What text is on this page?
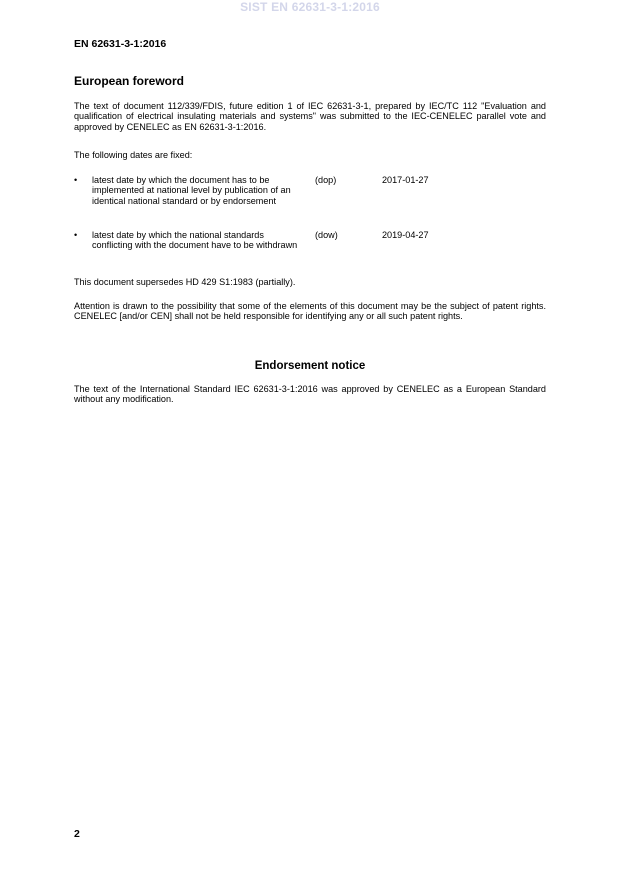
SIST EN 62631-3-1:2016
EN 62631-3-1:2016
European foreword
The text of document 112/339/FDIS, future edition 1 of IEC 62631-3-1, prepared by IEC/TC 112 "Evaluation and qualification of electrical insulating materials and systems" was submitted to the IEC-CENELEC parallel vote and approved by CENELEC as EN 62631-3-1:2016.
The following dates are fixed:
• latest date by which the document has to be implemented at national level by publication of an identical national standard or by endorsement
(dop)	2017-01-27
• latest date by which the national standards conflicting with the document have to be withdrawn
(dow)	2019-04-27
This document supersedes HD 429 S1:1983 (partially).
Attention is drawn to the possibility that some of the elements of this document may be the subject of patent rights. CENELEC [and/or CEN] shall not be held responsible for identifying any or all such patent rights.
Endorsement notice
The text of the International Standard IEC 62631-3-1:2016 was approved by CENELEC as a European Standard without any modification.
2
